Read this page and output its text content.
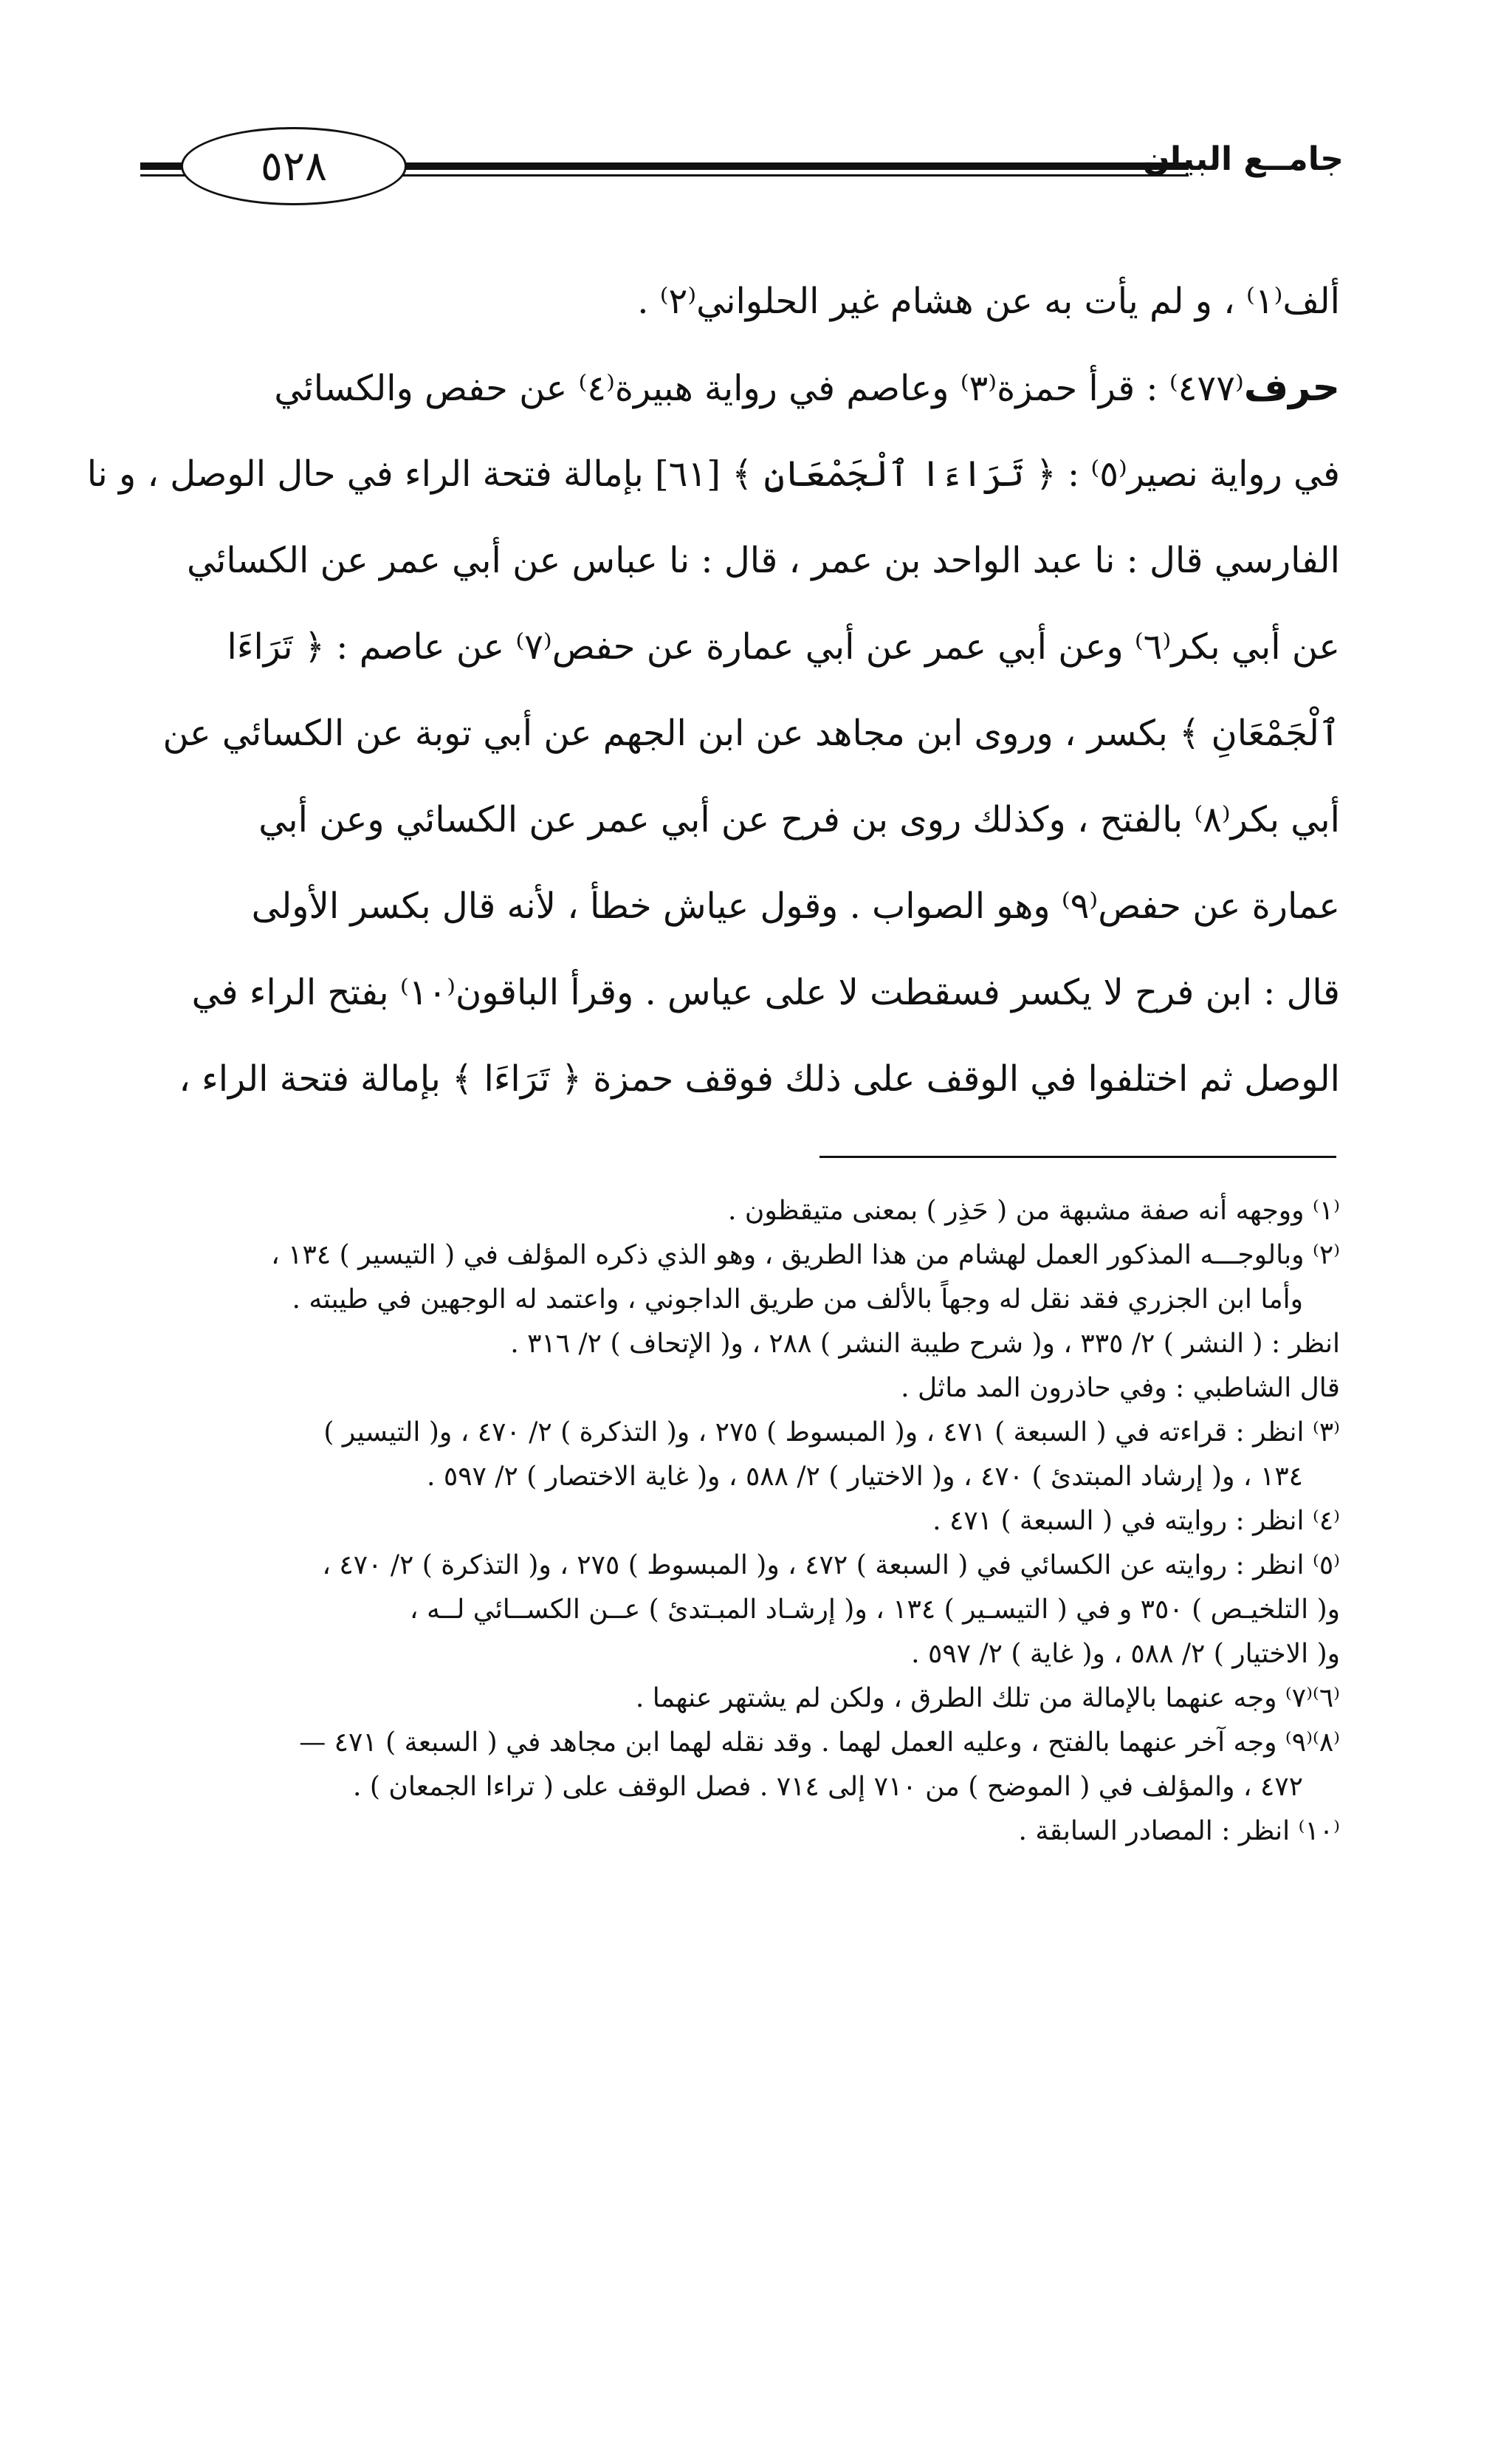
٥٢٨	جامــع البيان
ألف⁽١⁾ ، و لم يأت به عن هشام غير الحلواني⁽٢⁾ .
حرف⁽٤٧٧⁾ : قرأ حمزة⁽٣⁾ وعاصم في رواية هبيرة⁽٤⁾ عن حفص والكسائي
في رواية نصير⁽٥⁾ : ﴿ تَرَاءَا ٱلْجَمْعَانِ ﴾ [٦١] بإمالة فتحة الراء في حال الوصل ، و نا
الفارسي قال : نا عبد الواحد بن عمر ، قال : نا عباس عن أبي عمر عن الكسائي
عن أبي بكر⁽٦⁾ وعن أبي عمر عن أبي عمارة عن حفص⁽٧⁾ عن عاصم : ﴿ تَرَاءَا
ٱلْجَمْعَانِ ﴾ بكسر ، وروى ابن مجاهد عن ابن الجهم عن أبي توبة عن الكسائي عن
أبي بكر⁽٨⁾ بالفتح ، وكذلك روى بن فرح عن أبي عمر عن الكسائي وعن أبي
عمارة عن حفص⁽٩⁾ وهو الصواب . وقول عياش خطأ ، لأنه قال بكسر الأولى
قال : ابن فرح لا يكسر فسقطت لا على عياس . وقرأ الباقون⁽١٠⁾ بفتح الراء في
الوصل ثم اختلفوا في الوقف على ذلك فوقف حمزة ﴿ تَرَاءَا ﴾ بإمالة فتحة الراء ،
⁽١⁾ ووجهه أنه صفة مشبهة من ( حَذِر ) بمعنى متيقظون .
⁽٢⁾ وبالوجـــه المذكور العمل لهشام من هذا الطريق ، وهو الذي ذكره المؤلف في ( التيسير ) ١٣٤ ،
وأما ابن الجزري فقد نقل له وجهاً بالألف من طريق الداجوني ، واعتمد له الوجهين في طيبته .
انظر : ( النشر ) ٢/ ٣٣٥ ، و( شرح طيبة النشر ) ٢٨٨ ، و( الإتحاف ) ٢/ ٣١٦ .
قال الشاطبي : وفي حاذرون المد ماثل .
⁽٣⁾ انظر : قراءته في ( السبعة ) ٤٧١ ، و( المبسوط ) ٢٧٥ ، و( التذكرة ) ٢/ ٤٧٠ ، و( التيسير )
١٣٤ ، و( إرشاد المبتدئ ) ٤٧٠ ، و( الاختيار ) ٢/ ٥٨٨ ، و( غاية الاختصار ) ٢/ ٥٩٧ .
⁽٤⁾ انظر : روايته في ( السبعة ) ٤٧١ .
⁽٥⁾ انظر : روايته عن الكسائي في ( السبعة ) ٤٧٢ ، و( المبسوط ) ٢٧٥ ، و( التذكرة ) ٢/ ٤٧٠ ،
و( التلخيـص ) ٣٥٠ و في ( التيسـير ) ١٣٤ ، و( إرشـاد المبـتدئ ) عــن الكســائي لــه ،
و( الاختيار ) ٢/ ٥٨٨ ، و( غاية ) ٢/ ٥٩٧ .
⁽٦⁾⁽٧⁾ وجه عنهما بالإمالة من تلك الطرق ، ولكن لم يشتهر عنهما .
⁽٨⁾⁽٩⁾ وجه آخر عنهما بالفتح ، وعليه العمل لهما . وقد نقله لهما ابن مجاهد في ( السبعة ) ٤٧١ —
٤٧٢ ، والمؤلف في ( الموضح ) من ٧١٠ إلى ٧١٤ . فصل الوقف على ( تراءا الجمعان ) .
⁽١٠⁾ انظر : المصادر السابقة .
